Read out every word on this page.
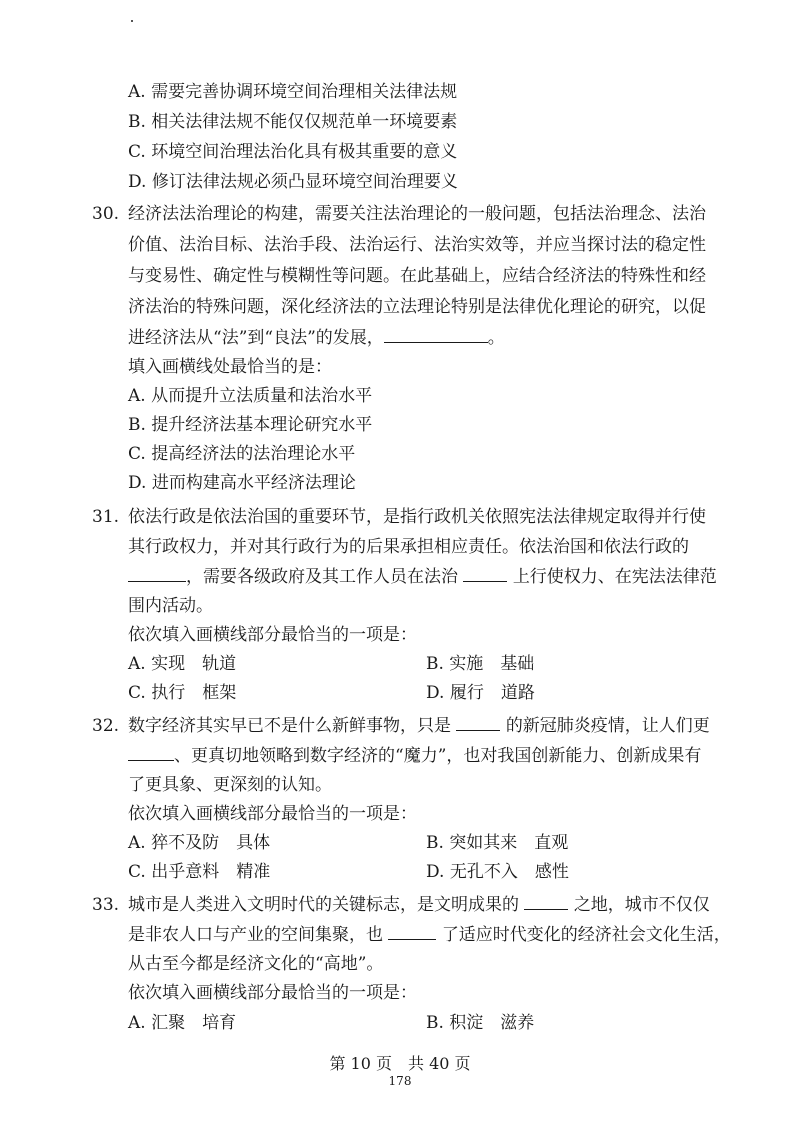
A. 需要完善协调环境空间治理相关法律法规
B. 相关法律法规不能仅仅规范单一环境要素
C. 环境空间治理法治化具有极其重要的意义
D. 修订法律法规必须凸显环境空间治理要义
30. 经济法法治理论的构建，需要关注法治理论的一般问题，包括法治理念、法治
价值、法治目标、法治手段、法治运行、法治实效等，并应当探讨法的稳定性
与变易性、确定性与模糊性等问题。在此基础上，应结合经济法的特殊性和经
济法治的特殊问题，深化经济法的立法理论特别是法律优化理论的研究，以促
进经济法从“法”到“良法”的发展，	。
填入画横线处最恰当的是：
A. 从而提升立法质量和法治水平
B. 提升经济法基本理论研究水平
C. 提高经济法的法治理论水平
D. 进而构建高水平经济法理论
31. 依法行政是依法治国的重要环节，是指行政机关依照宪法法律规定取得并行使
其行政权力，并对其行政行为的后果承担相应责任。依法治国和依法行政的
，需要各级政府及其工作人员在法治	上行使权力、在宪法法律范
围内活动。
依次填入画横线部分最恰当的一项是：
A. 实现　轨道	B. 实施　基础
C. 执行　框架	D. 履行　道路
32. 数字经济其实早已不是什么新鲜事物，只是	的新冠肺炎疫情，让人们更
、更真切地领略到数字经济的“魔力”，也对我国创新能力、创新成果有
了更具象、更深刻的认知。
依次填入画横线部分最恰当的一项是：
A. 猝不及防　具体	B. 突如其来　直观
C. 出乎意料　精准	D. 无孔不入　感性
33. 城市是人类进入文明时代的关键标志，是文明成果的	之地，城市不仅仅
是非农人口与产业的空间集聚，也	了适应时代变化的经济社会文化生活，
从古至今都是经济文化的“高地”。
依次填入画横线部分最恰当的一项是：
A. 汇聚　培育	B. 积淀　滋养
第 10 页　共 40 页
178
